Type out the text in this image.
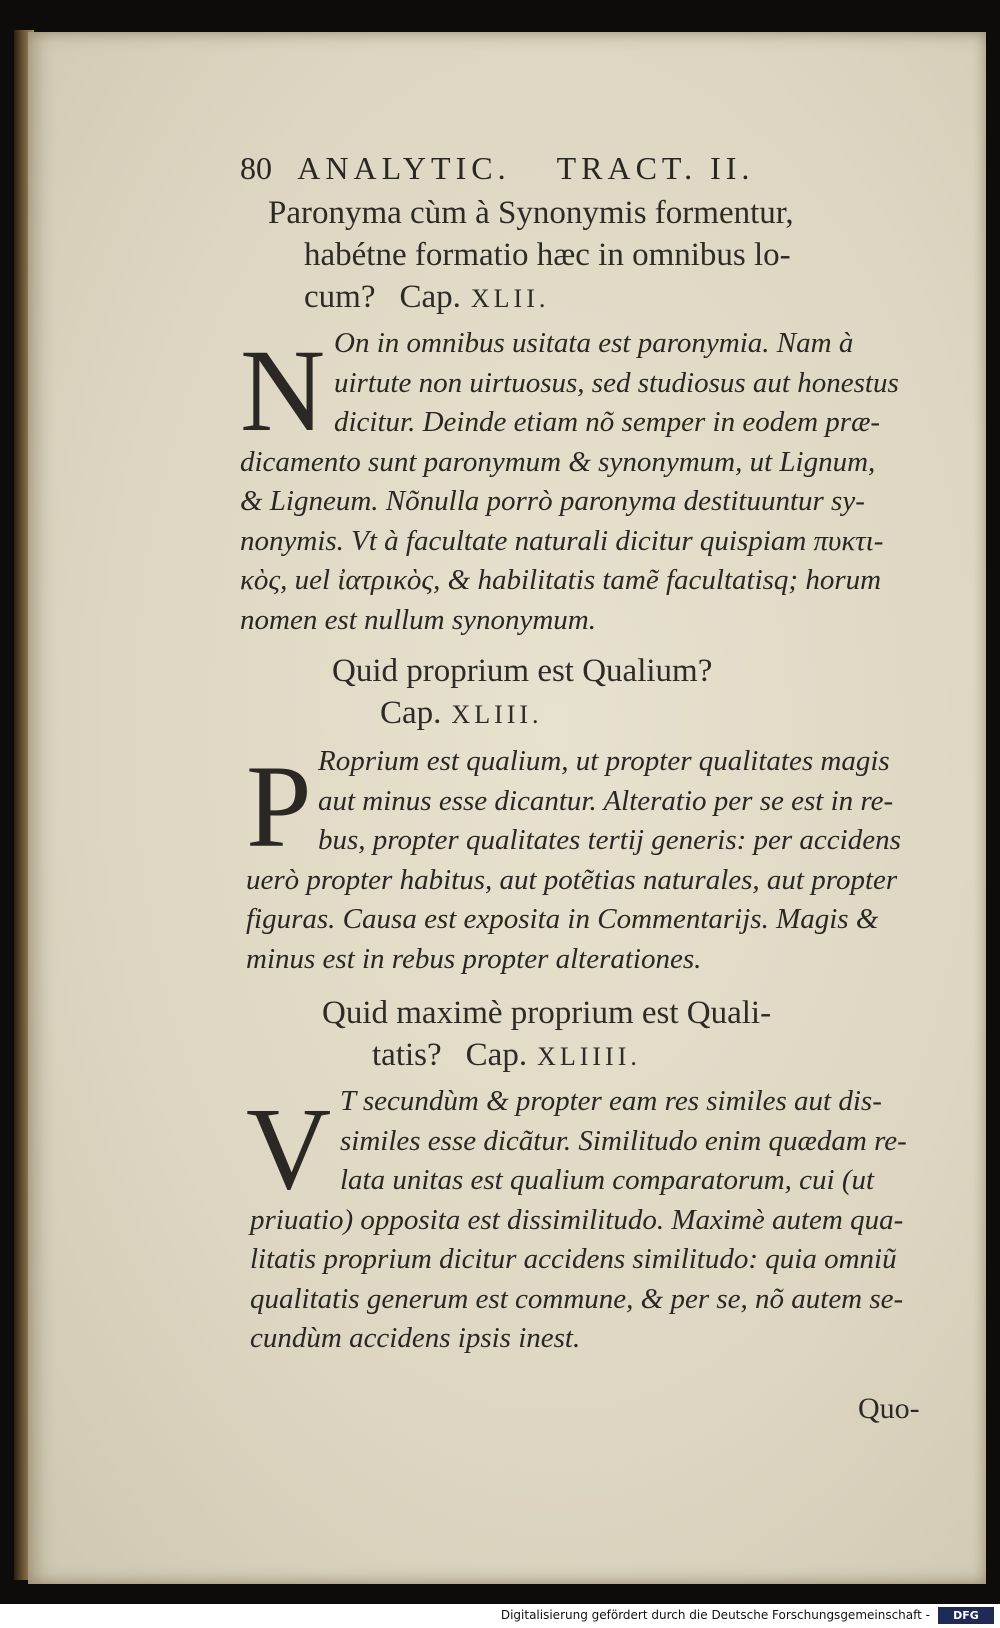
80 ANALYTIC. TRACT. II.
Paronyma cùm à Synonymis formentur,
habétne formatio hæc in omnibus lo-
cum? Cap. XLII.
N On in omnibus usitata est paronymia. Nam à
uirtute non uirtuosus, sed studiosus aut honestus
dicitur. Deinde etiam nõ semper in eodem præ-
dicamento sunt paronymum & synonymum, ut Lignum,
& Ligneum. Nõnulla porrò paronyma destituuntur sy-
nonymis. Vt à facultate naturali dicitur quispiam πυκτι-
κὸς, uel ἰατρικὸς, & habilitatis tamẽ facultatisq; horum
nomen est nullum synonymum.
Quid proprium est Qualium?
Cap. XLIII.
P Roprium est qualium, ut propter qualitates magis
aut minus esse dicantur. Alteratio per se est in re-
bus, propter qualitates tertij generis: per accidens
uerò propter habitus, aut potẽtias naturales, aut propter
figuras. Causa est exposita in Commentarijs. Magis &
minus est in rebus propter alterationes.
Quid maximè proprium est Quali-
tatis? Cap. XLIIII.
V T secundùm & propter eam res similes aut dis-
similes esse dicãtur. Similitudo enim quædam re-
lata unitas est qualium comparatorum, cui (ut
priuatio) opposita est dissimilitudo. Maximè autem qua-
litatis proprium dicitur accidens similitudo: quia omniũ
qualitatis generum est commune, & per se, nõ autem se-
cundùm accidens ipsis inest.
Quo-
Digitalisierung gefördert durch die Deutsche Forschungsgemeinschaft -	DFG
